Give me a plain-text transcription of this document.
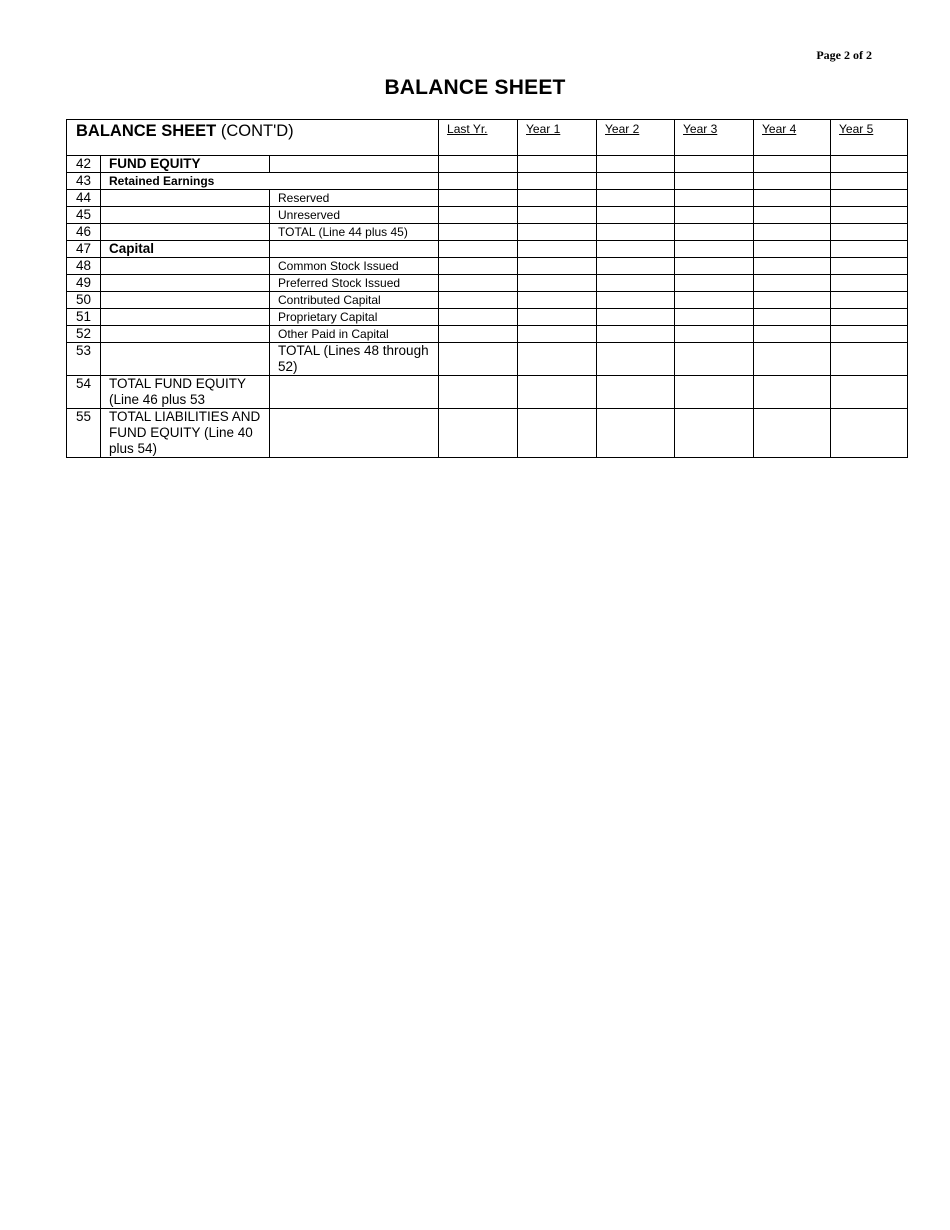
Page 2 of 2
BALANCE SHEET
BALANCE SHEET (CONT'D)			Last Yr.	Year 1	Year 2	Year 3	Year 4	Year 5
42	FUND EQUITY							
43	Retained Earnings							
44		Reserved						
45		Unreserved						
46		TOTAL (Line 44 plus 45)						
47	Capital							
48		Common Stock Issued						
49		Preferred Stock Issued						
50		Contributed Capital						
51		Proprietary Capital						
52		Other Paid in Capital						
53		TOTAL (Lines 48 through 52)						
54	TOTAL FUND EQUITY (Line 46 plus 53							
55	TOTAL LIABILITIES AND FUND EQUITY (Line 40 plus 54)							
